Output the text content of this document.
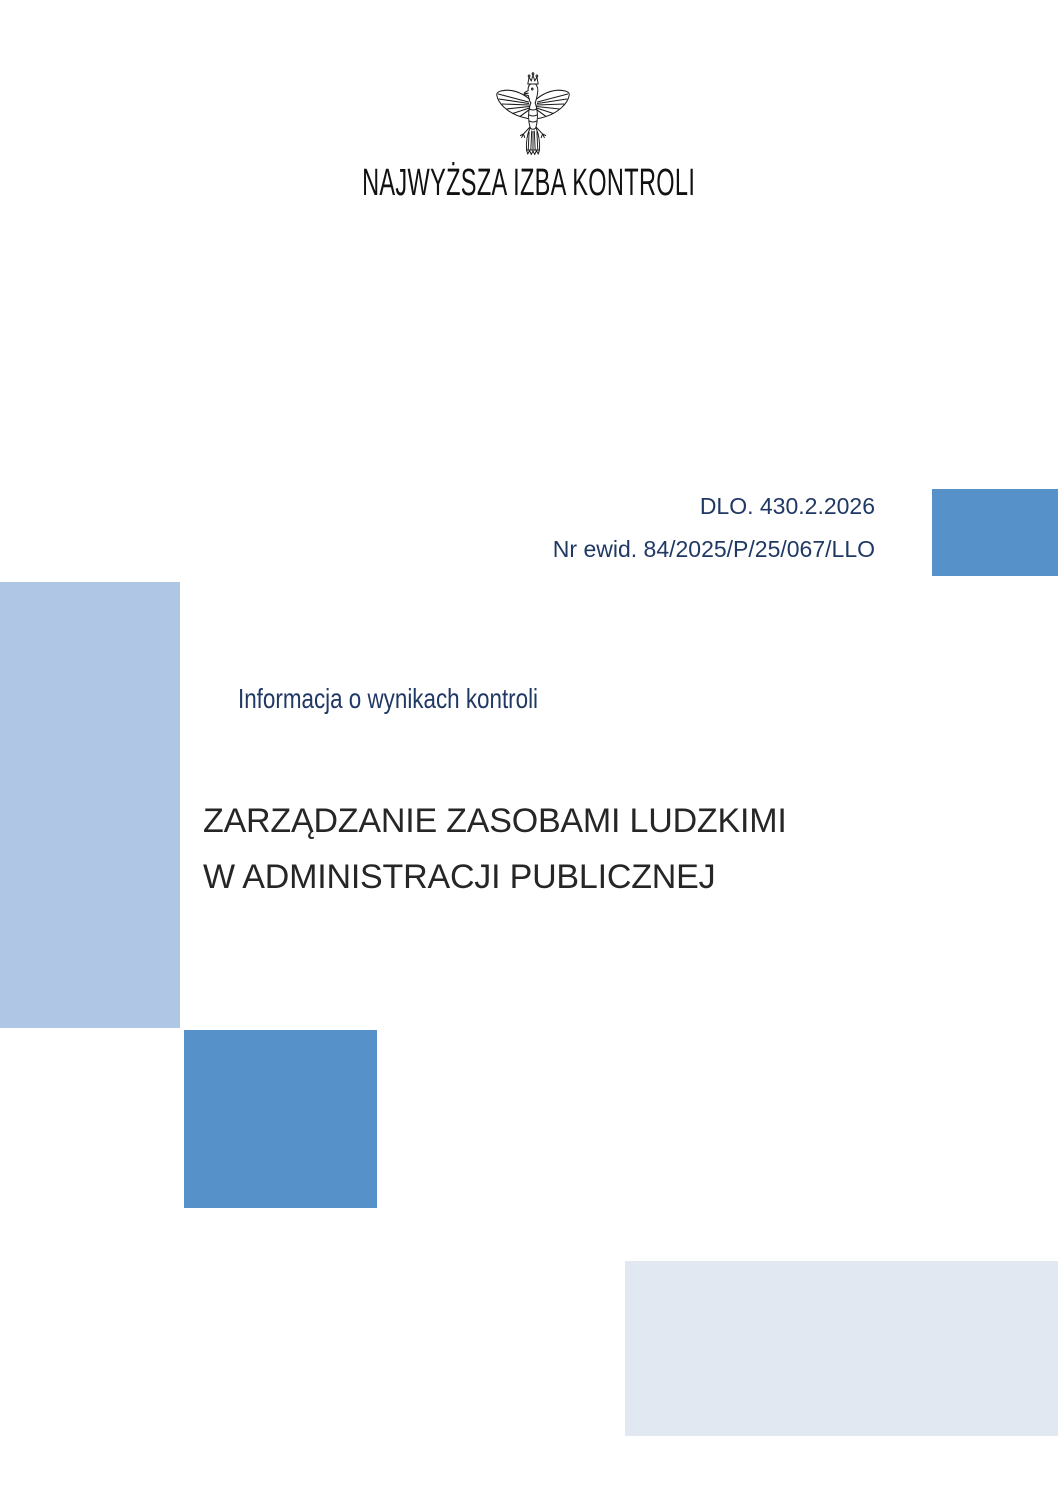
NAJWYŻSZA IZBA KONTROLI
DLO. 430.2.2026
Nr ewid. 84/2025/P/25/067/LLO
Informacja o wynikach kontroli
ZARZĄDZANIE ZASOBAMI LUDZKIMI
W ADMINISTRACJI PUBLICZNEJ
